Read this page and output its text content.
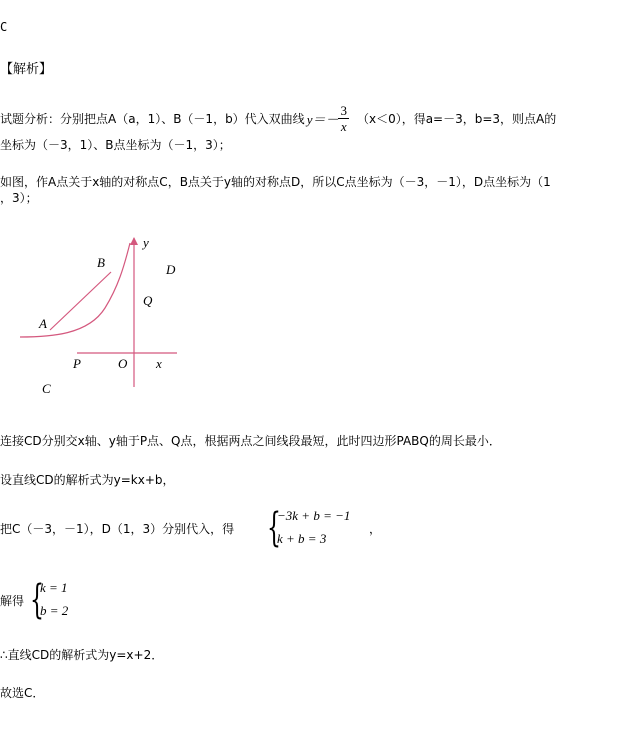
C
【解析】
试题分析：分别把点A（a，1）、B（－1，b）代入双曲线 $y=- \frac{3}{x} (x<0)$，得a=－3，b=3，则点A的
坐标为（－3，1）、B点坐标为（－1，3）；
如图，作A点关于x轴的对称点C，B点关于y轴的对称点D，所以C点坐标为（－3，－1），D点坐标为（1
，3）；
y
x
O
A
B
C
D
P
Q
连接CD分别交x轴、y轴于P点、Q点，根据两点之间线段最短，此时四边形PABQ的周长最小．
设直线CD的解析式为y=kx+b，
把C（－3，－1），D（1，3）分别代入，得 {
−3k + b = −1
k + b = 3
，
解得 {
k = 1
b = 2
∴直线CD的解析式为y=x+2．
故选C．
